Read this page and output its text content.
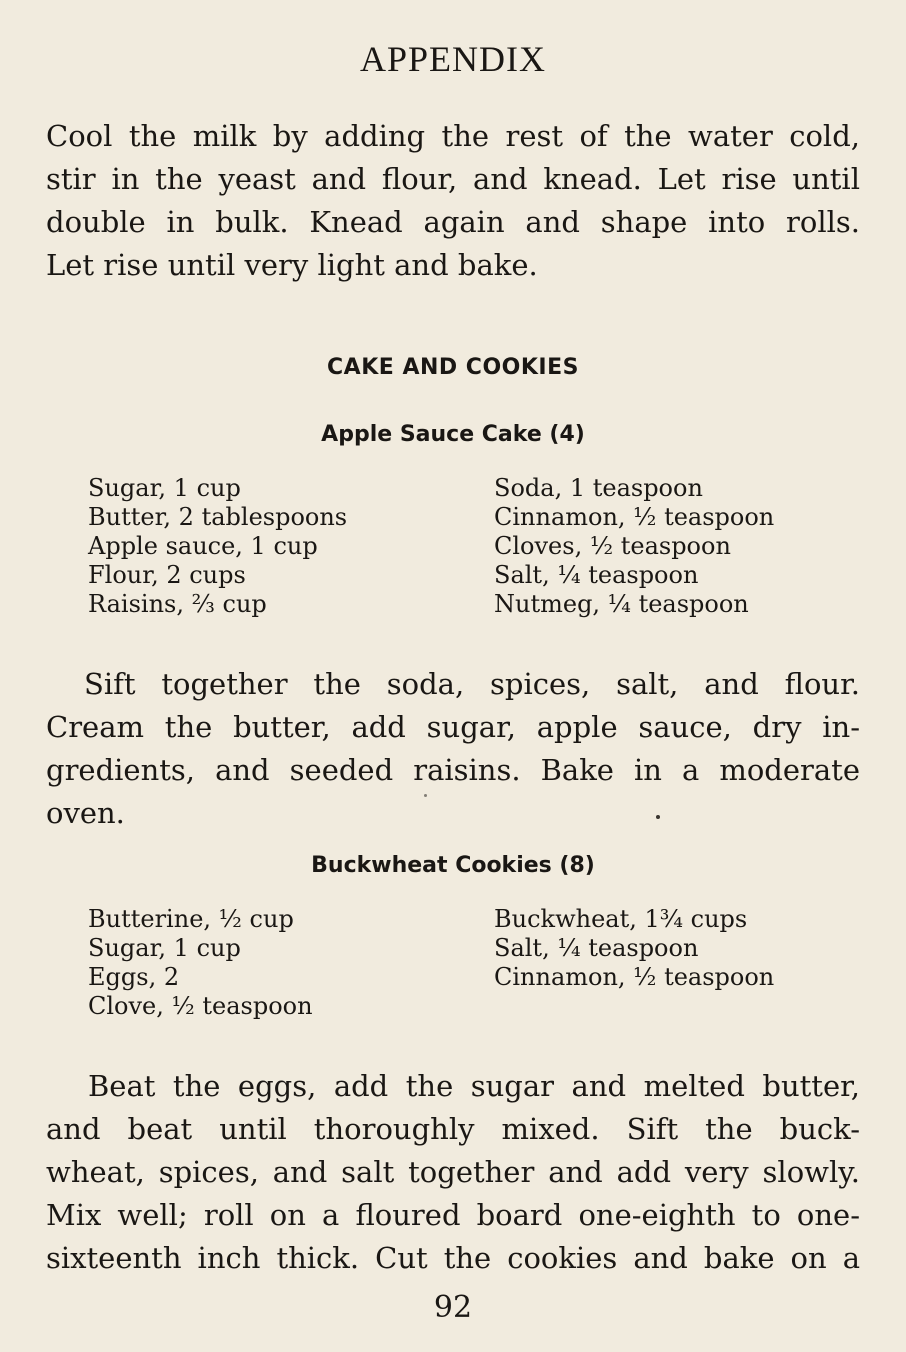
APPENDIX
Cool the milk by adding the rest of the water cold,
stir in the yeast and flour, and knead. Let rise until
double in bulk. Knead again and shape into rolls.
Let rise until very light and bake.
CAKE AND COOKIES
Apple Sauce Cake (4)
Sugar, 1 cup
Butter, 2 tablespoons
Apple sauce, 1 cup
Flour, 2 cups
Raisins, ⅔ cup
Soda, 1 teaspoon
Cinnamon, ½ teaspoon
Cloves, ½ teaspoon
Salt, ¼ teaspoon
Nutmeg, ¼ teaspoon
Sift together the soda, spices, salt, and flour.
Cream the butter, add sugar, apple sauce, dry in-
gredients, and seeded raisins. Bake in a moderate
oven.
Buckwheat Cookies (8)
Butterine, ½ cup
Sugar, 1 cup
Eggs, 2
Clove, ½ teaspoon
Buckwheat, 1¾ cups
Salt, ¼ teaspoon
Cinnamon, ½ teaspoon
Beat the eggs, add the sugar and melted butter,
and beat until thoroughly mixed. Sift the buck-
wheat, spices, and salt together and add very slowly.
Mix well; roll on a floured board one-eighth to one-
sixteenth inch thick. Cut the cookies and bake on a
92
